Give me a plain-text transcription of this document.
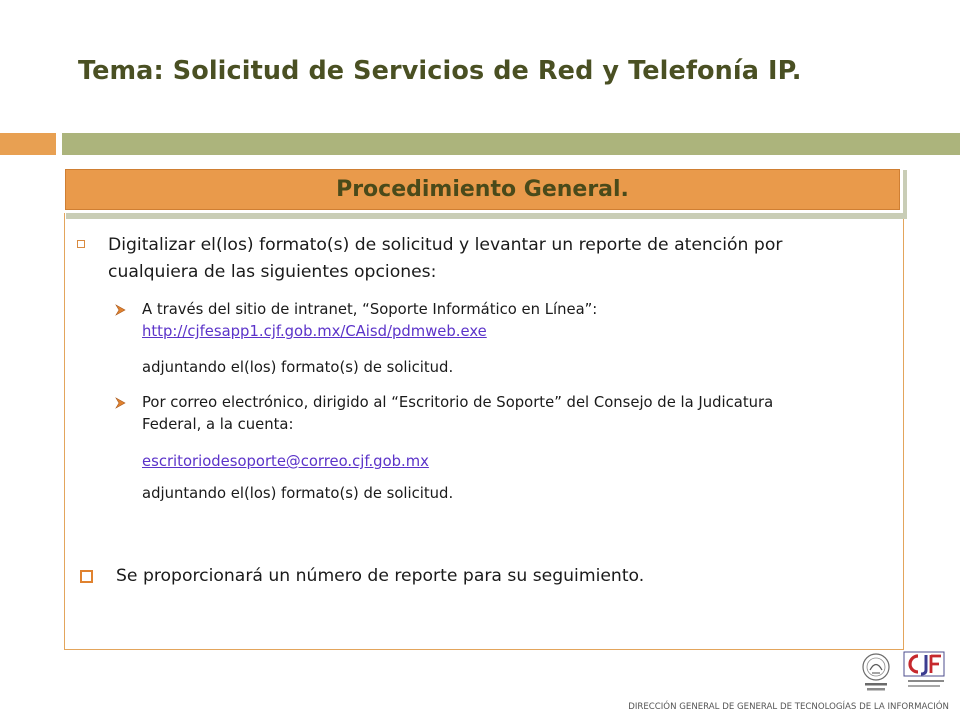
Tema: Solicitud de Servicios de Red y Telefonía IP.
Procedimiento General.
Digitalizar el(los) formato(s) de solicitud y levantar un reporte de atención por
cualquiera de las siguientes opciones:
A través del sitio de intranet, “Soporte Informático en Línea”:
http://cjfesapp1.cjf.gob.mx/CAisd/pdmweb.exe
adjuntando el(los) formato(s) de solicitud.
Por correo electrónico, dirigido al “Escritorio de Soporte” del Consejo de la Judicatura
Federal, a la cuenta:
escritoriodesoporte@correo.cjf.gob.mx
adjuntando el(los) formato(s) de solicitud.
Se proporcionará un número de reporte para su seguimiento.
DIRECCIÓN GENERAL DE GENERAL DE TECNOLOGÍAS DE LA INFORMACIÓN
